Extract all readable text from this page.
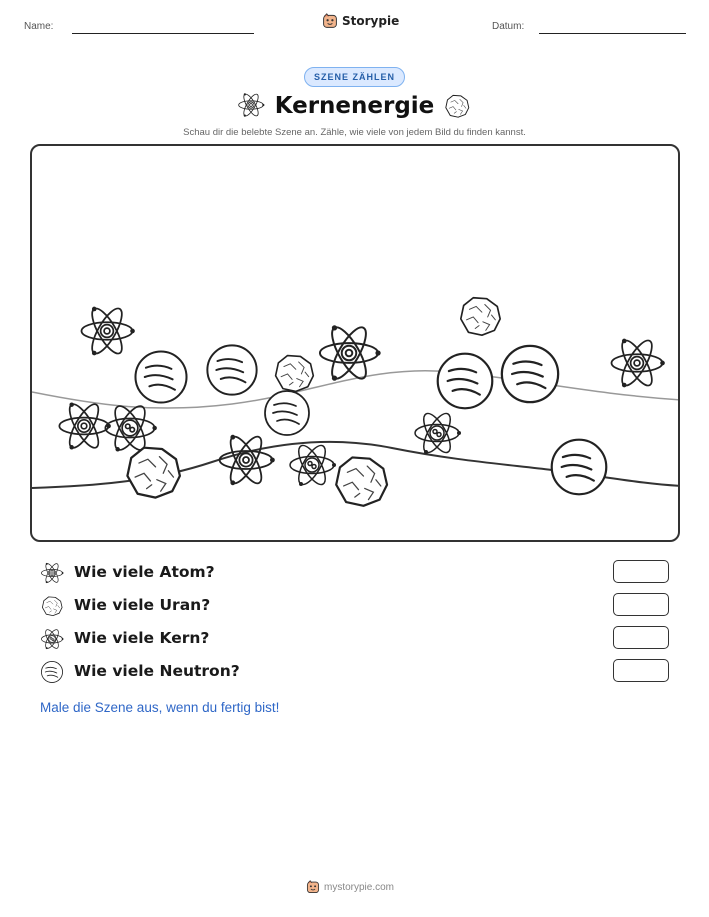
Name:	Storypie	Datum:
SZENE ZÄHLEN
Kernenergie
Schau dir die belebte Szene an. Zähle, wie viele von jedem Bild du finden kannst.
Wie viele Atom?
Wie viele Uran?
Wie viele Kern?
Wie viele Neutron?
Male die Szene aus, wenn du fertig bist!
mystorypie.com
